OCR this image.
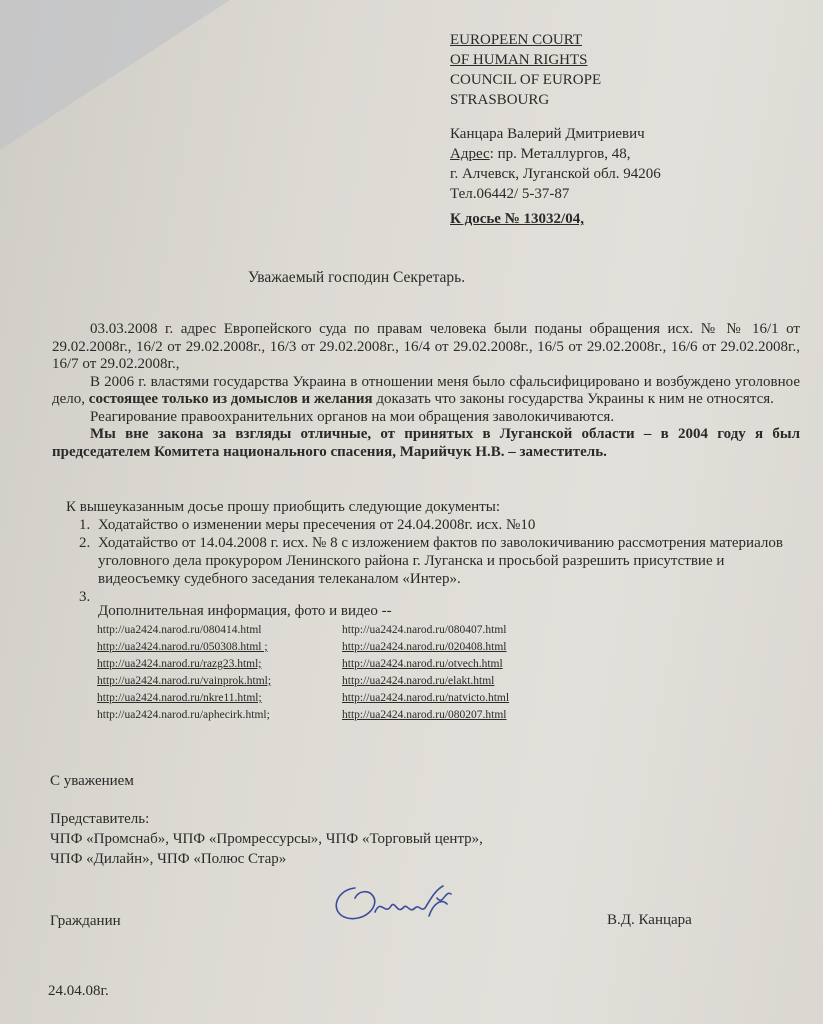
EUROPEEN COURT
OF HUMAN RIGHTS
COUNCIL OF EUROPE
STRASBOURG
Канцара Валерий Дмитриевич
Адрес: пр. Металлургов, 48,
г. Алчевск, Луганской обл. 94206
Тел.06442/ 5-37-87
К досье № 13032/04,
Уважаемый господин Секретарь.

03.03.2008 г. адрес Европейского суда по правам человека были поданы обращения исх. № № 16/1 от 29.02.2008г., 16/2 от 29.02.2008г., 16/3 от 29.02.2008г., 16/4 от 29.02.2008г., 16/5 от 29.02.2008г., 16/6 от 29.02.2008г., 16/7 от 29.02.2008г.,

В 2006 г. властями государства Украина в отношении меня было сфальсифицировано и возбуждено уголовное дело, состоящее только из домыслов и желания доказать что законы государства Украины к ним не относятся.

Реагирование правоохранительних органов на мои обращения заволокичиваются.

Мы вне закона за взгляды отличные, от принятых в Луганской области – в 2004 году я был председателем Комитета национального спасения, Марийчук Н.В. – заместитель.

К вышеуказанным досье прошу приобщить следующие документы:
1. Ходатайство о изменении меры пресечения от 24.04.2008г. исх. №10
2. Ходатайство от 14.04.2008 г. исх. № 8 с изложением фактов по заволокичиванию рассмотрения материалов уголовного дела прокурором Ленинского района г. Луганска и просьбой разрешить присутствие и видеосъемку судебного заседания телеканалом «Интер».
3.
Дополнительная информация, фото и видео --
http://ua2424.narod.ru/080414.html	http://ua2424.narod.ru/080407.html
http://ua2424.narod.ru/050308.html ;	http://ua2424.narod.ru/020408.html
http://ua2424.narod.ru/razg23.html;	http://ua2424.narod.ru/otvech.html
http://ua2424.narod.ru/vainprok.html;	http://ua2424.narod.ru/elakt.html
http://ua2424.narod.ru/nkre11.html;	http://ua2424.narod.ru/natvicto.html
http://ua2424.narod.ru/aphecirk.html;	http://ua2424.narod.ru/080207.html
С уважением
Представитель:
ЧПФ «Промснаб», ЧПФ «Промрессурсы», ЧПФ «Торговый центр»,
ЧПФ «Дилайн», ЧПФ «Полюс Стар»
Гражданин	В.Д. Канцара
24.04.08г.
